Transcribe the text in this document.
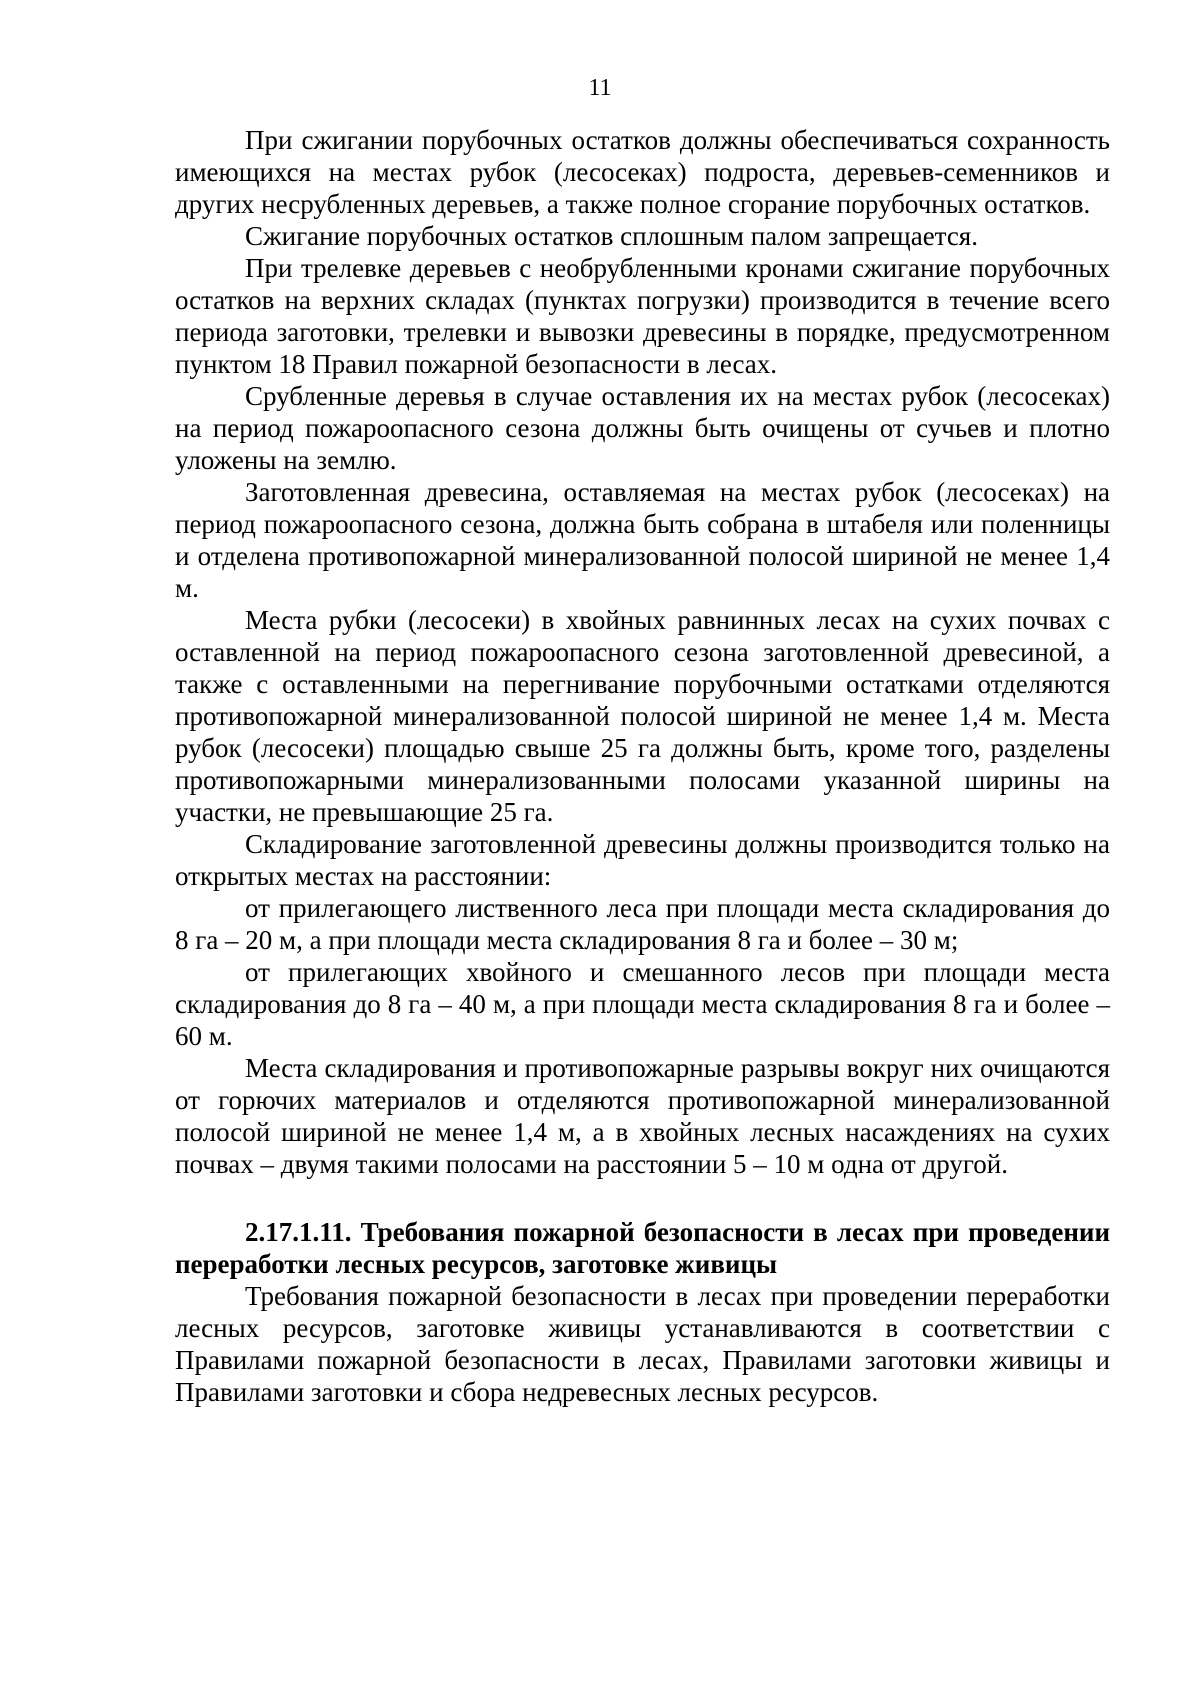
11

При сжигании порубочных остатков должны обеспечиваться сохранность имеющихся на местах рубок (лесосеках) подроста, деревьев-семенников и других несрубленных деревьев, а также полное сгорание порубочных остатков.

Сжигание порубочных остатков сплошным палом запрещается.

При трелевке деревьев с необрубленными кронами сжигание порубочных остатков на верхних складах (пунктах погрузки) производится в течение всего периода заготовки, трелевки и вывозки древесины в порядке, предусмотренном пунктом 18 Правил пожарной безопасности в лесах.

Срубленные деревья в случае оставления их на местах рубок (лесосеках) на период пожароопасного сезона должны быть очищены от сучьев и плотно уложены на землю.

Заготовленная древесина, оставляемая на местах рубок (лесосеках) на период пожароопасного сезона, должна быть собрана в штабеля или поленницы и отделена противопожарной минерализованной полосой шириной не менее 1,4 м.

Места рубки (лесосеки) в хвойных равнинных лесах на сухих почвах с оставленной на период пожароопасного сезона заготовленной древесиной, а также с оставленными на перегнивание порубочными остатками отделяются противопожарной минерализованной полосой шириной не менее 1,4 м. Места рубок (лесосеки) площадью свыше 25 га должны быть, кроме того, разделены противопожарными минерализованными полосами указанной ширины на участки, не превышающие 25 га.

Складирование заготовленной древесины должны производится только на открытых местах на расстоянии:

от прилегающего лиственного леса при площади места складирования до 8 га – 20 м, а при площади места складирования 8 га и более – 30 м;

от прилегающих хвойного и смешанного лесов при площади места складирования до 8 га – 40 м, а при площади места складирования 8 га и более – 60 м.

Места складирования и противопожарные разрывы вокруг них очищаются от горючих материалов и отделяются противопожарной минерализованной полосой шириной не менее 1,4 м, а в хвойных лесных насаждениях на сухих почвах – двумя такими полосами на расстоянии 5 – 10 м одна от другой.

2.17.1.11. Требования пожарной безопасности в лесах при проведении переработки лесных ресурсов, заготовке живицы

Требования пожарной безопасности в лесах при проведении переработки лесных ресурсов, заготовке живицы устанавливаются в соответствии с Правилами пожарной безопасности в лесах, Правилами заготовки живицы и Правилами заготовки и сбора недревесных лесных ресурсов.
